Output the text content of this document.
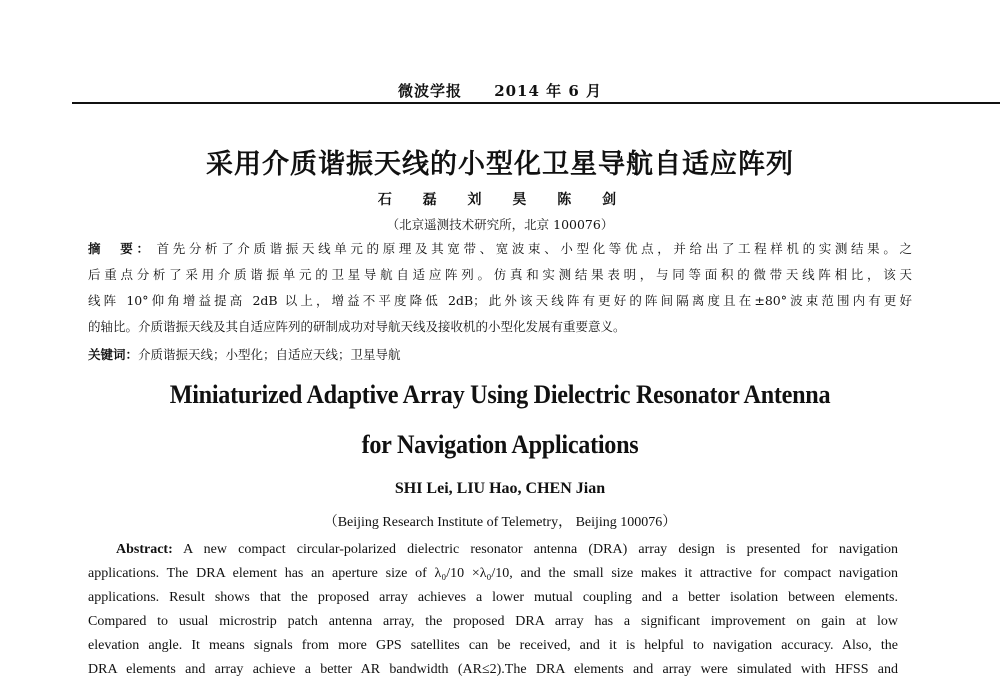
微波学报 2014 年 6 月
采用介质谐振天线的小型化卫星导航自适应阵列
石 磊 刘 昊 陈 剑
（北京遥测技术研究所，北京 100076）
摘　要： 首先分析了介质谐振天线单元的原理及其宽带、宽波束、小型化等优点，并给出了工程样机的实测结果。之
后重点分析了采用介质谐振单元的卫星导航自适应阵列。仿真和实测结果表明，与同等面积的微带天线阵相比，该天
线阵 10°仰角增益提高 2dB 以上，增益不平度降低 2dB；此外该天线阵有更好的阵间隔离度且在±80°波束范围内有更好
的轴比。介质谐振天线及其自适应阵列的研制成功对导航天线及接收机的小型化发展有重要意义。
关键词：介质谐振天线；小型化；自适应天线；卫星导航
Miniaturized Adaptive Array Using Dielectric Resonator Antenna
for Navigation Applications
SHI Lei, LIU Hao, CHEN Jian
（Beijing Research Institute of Telemetry， Beijing 100076）
Abstract: A new compact circular-polarized dielectric resonator antenna (DRA) array design is presented for navigation
applications. The DRA element has an aperture size of λ₀/10 ×λ₀/10, and the small size makes it attractive for compact navigation
applications. Result shows that the proposed array achieves a lower mutual coupling and a better isolation between elements.
Compared to usual microstrip patch antenna array, the proposed DRA array has a significant improvement on gain at low
elevation angle. It means signals from more GPS satellites can be received, and it is helpful to navigation accuracy. Also, the
DRA elements and array achieve a better AR bandwidth (AR≤2).The DRA elements and array were simulated with HFSS and
